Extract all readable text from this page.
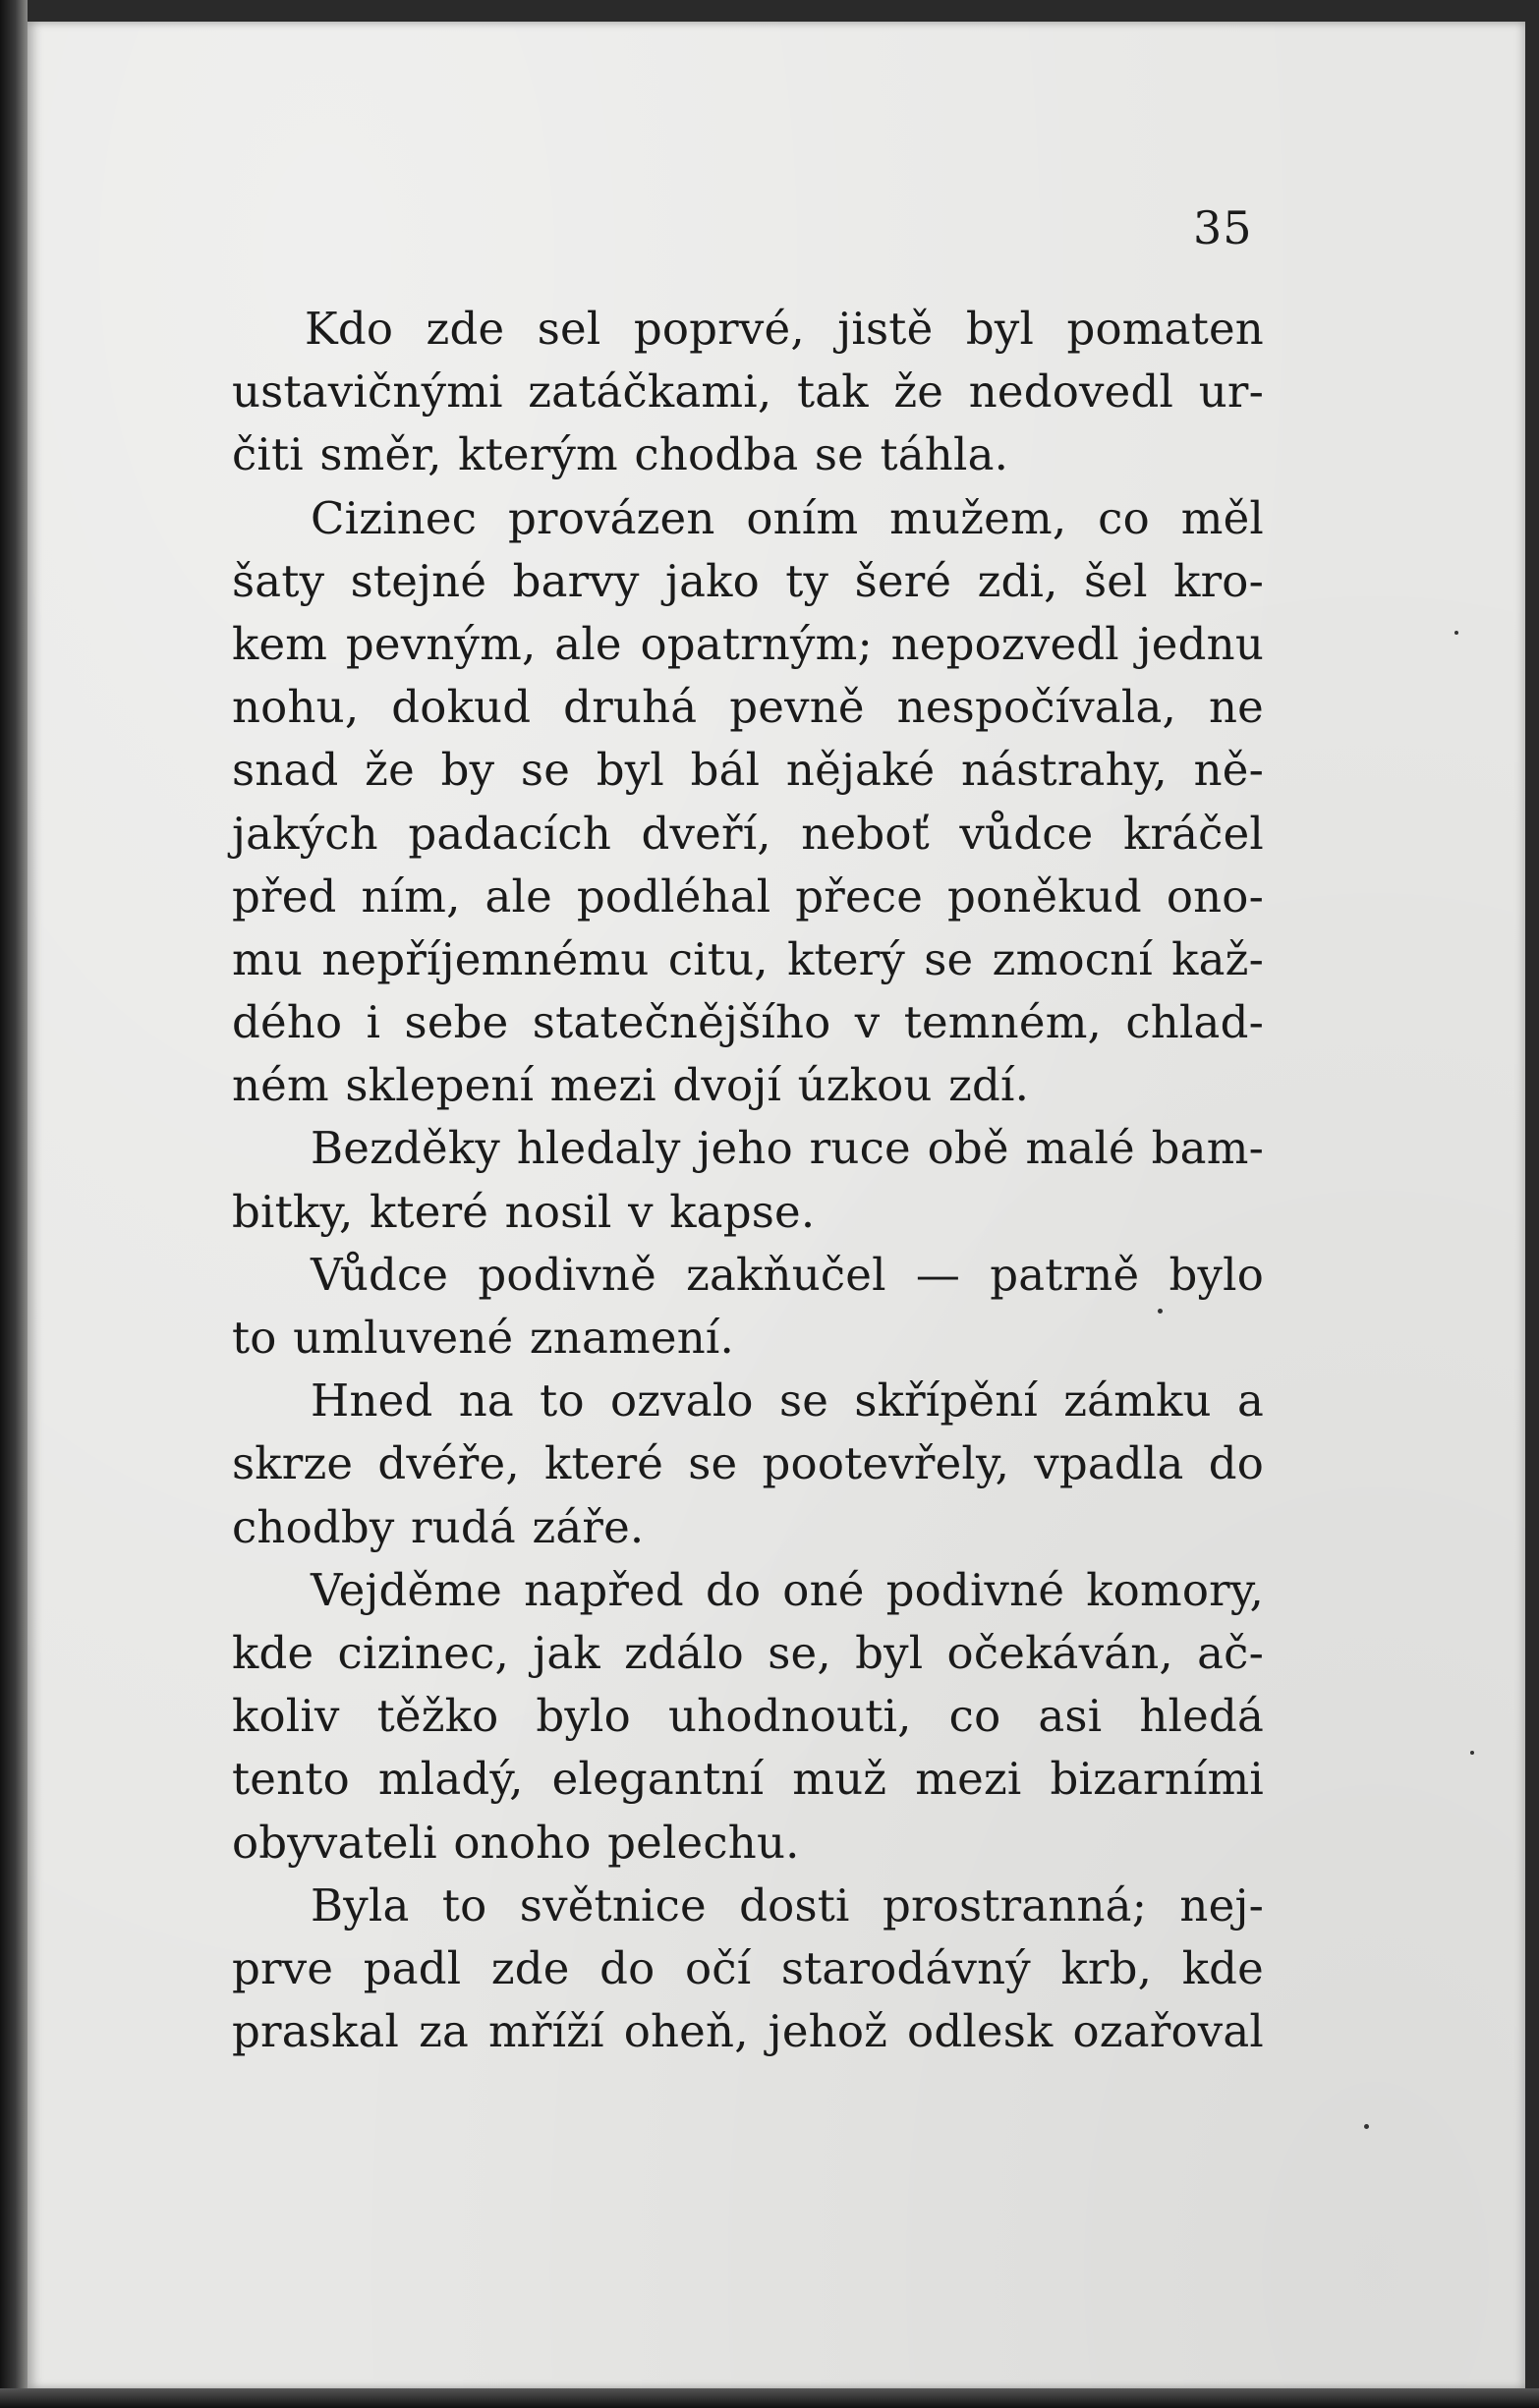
35
Kdo zde sel poprvé, jistě byl pomaten
ustavičnými zatáčkami, tak že nedovedl ur-
čiti směr, kterým chodba se táhla.
Cizinec provázen oním mužem, co měl
šaty stejné barvy jako ty šeré zdi, šel kro-
kem pevným, ale opatrným; nepozvedl jednu
nohu, dokud druhá pevně nespočívala, ne
snad že by se byl bál nějaké nástrahy, ně-
jakých padacích dveří, neboť vůdce kráčel
před ním, ale podléhal přece poněkud ono-
mu nepříjemnému citu, který se zmocní kaž-
dého i sebe statečnějšího v temném, chlad-
ném sklepení mezi dvojí úzkou zdí.
Bezděky hledaly jeho ruce obě malé bam-
bitky, které nosil v kapse.
Vůdce podivně zakňučel — patrně bylo
to umluvené znamení.
Hned na to ozvalo se skřípění zámku a
skrze dvéře, které se pootevřely, vpadla do
chodby rudá záře.
Vejděme napřed do oné podivné komory,
kde cizinec, jak zdálo se, byl očekáván, ač-
koliv těžko bylo uhodnouti, co asi hledá
tento mladý, elegantní muž mezi bizarními
obyvateli onoho pelechu.
Byla to světnice dosti prostranná; nej-
prve padl zde do očí starodávný krb, kde
praskal za mříží oheň, jehož odlesk ozařoval
